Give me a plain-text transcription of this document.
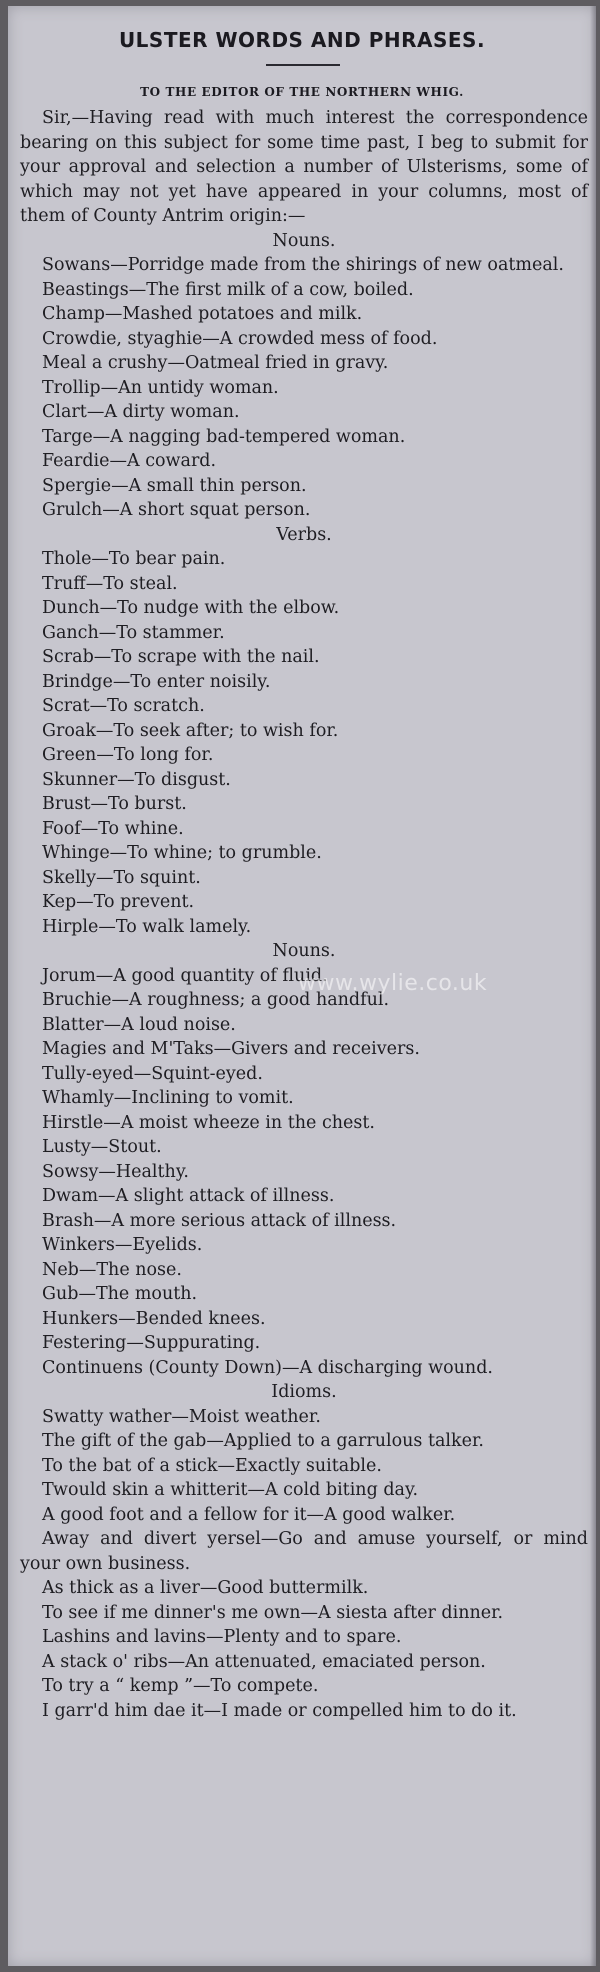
ULSTER WORDS AND PHRASES.
TO THE EDITOR OF THE NORTHERN WHIG.

Sir,—Having read with much interest the correspondence bearing on this subject for some time past, I beg to submit for your approval and selection a number of Ulsterisms, some of which may not yet have appeared in your columns, most of them of County Antrim origin:—

Nouns.

Sowans—Porridge made from the shirings of new oatmeal.

Beastings—The first milk of a cow, boiled.

Champ—Mashed potatoes and milk.

Crowdie, styaghie—A crowded mess of food.

Meal a crushy—Oatmeal fried in gravy.

Trollip—An untidy woman.

Clart—A dirty woman.

Targe—A nagging bad-tempered woman.

Feardie—A coward.

Spergie—A small thin person.

Grulch—A short squat person.

Verbs.

Thole—To bear pain.

Truff—To steal.

Dunch—To nudge with the elbow.

Ganch—To stammer.

Scrab—To scrape with the nail.

Brindge—To enter noisily.

Scrat—To scratch.

Groak—To seek after; to wish for.

Green—To long for.

Skunner—To disgust.

Brust—To burst.

Foof—To whine.

Whinge—To whine; to grumble.

Skelly—To squint.

Kep—To prevent.

Hirple—To walk lamely.

Nouns.

Jorum—A good quantity of fluid.

Bruchie—A roughness; a good handful.

Blatter—A loud noise.

Magies and M'Taks—Givers and receivers.

Tully-eyed—Squint-eyed.

Whamly—Inclining to vomit.

Hirstle—A moist wheeze in the chest.

Lusty—Stout.

Sowsy—Healthy.

Dwam—A slight attack of illness.

Brash—A more serious attack of illness.

Winkers—Eyelids.

Neb—The nose.

Gub—The mouth.

Hunkers—Bended knees.

Festering—Suppurating.

Continuens (County Down)—A discharging wound.

Idioms.

Swatty wather—Moist weather.

The gift of the gab—Applied to a garrulous talker.

To the bat of a stick—Exactly suitable.

Twould skin a whitterit—A cold biting day.

A good foot and a fellow for it—A good walker.

Away and divert yersel—Go and amuse yourself, or mind your own business.

As thick as a liver—Good buttermilk.

To see if me dinner's me own—A siesta after dinner.

Lashins and lavins—Plenty and to spare.

A stack o' ribs—An attenuated, emaciated person.

To try a “ kemp ”—To compete.

I garr'd him dae it—I made or compelled him to do it.

www.wylie.co.uk
